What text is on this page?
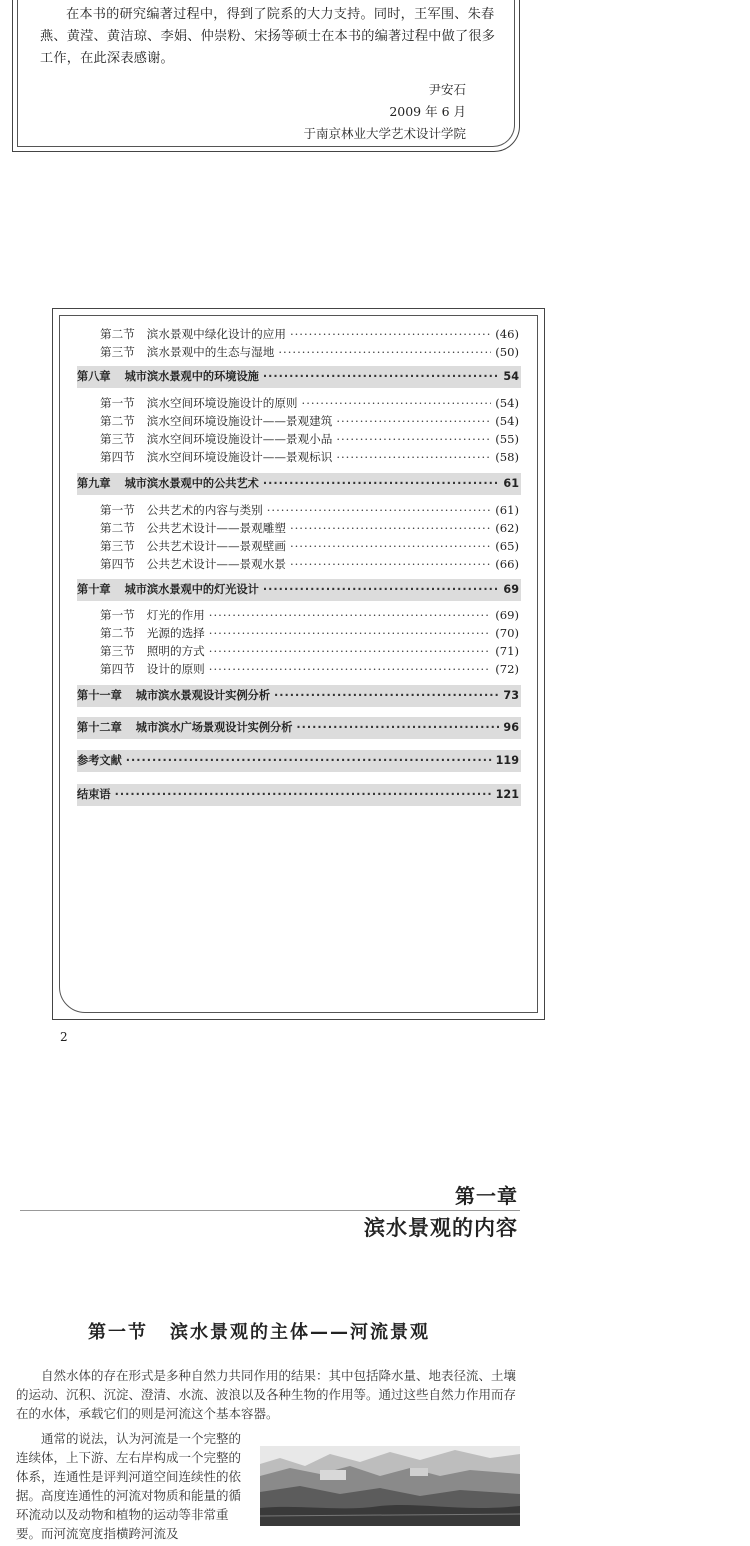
在本书的研究编著过程中，得到了院系的大力支持。同时，王军围、朱春燕、黄滢、黄洁琼、李娟、仲崇粉、宋扬等硕士在本书的编著过程中做了很多工作，在此深表感谢。
尹安石
2009 年 6 月
于南京林业大学艺术设计学院
第二节 滨水景观中绿化设计的应用 ·····	(46)
第三节 滨水景观中的生态与湿地 ·····	(50)
第八章 城市滨水景观中的环境设施 ·····	54
第一节 滨水空间环境设施设计的原则 ·····	(54)
第二节 滨水空间环境设施设计——景观建筑 ·····	(54)
第三节 滨水空间环境设施设计——景观小品 ·····	(55)
第四节 滨水空间环境设施设计——景观标识 ·····	(58)
第九章 城市滨水景观中的公共艺术 ·····	61
第一节 公共艺术的内容与类别 ·····	(61)
第二节 公共艺术设计——景观雕塑 ·····	(62)
第三节 公共艺术设计——景观壁画 ·····	(65)
第四节 公共艺术设计——景观水景 ·····	(66)
第十章 城市滨水景观中的灯光设计 ·····	69
第一节 灯光的作用 ·····	(69)
第二节 光源的选择 ·····	(70)
第三节 照明的方式 ·····	(71)
第四节 设计的原则 ·····	(72)
第十一章 城市滨水景观设计实例分析 ·····	73
第十二章 城市滨水广场景观设计实例分析 ·····	96
参考文献 ·····	119
结束语 ·····	121
2
第一章
滨水景观的内容
第一节 滨水景观的主体——河流景观
自然水体的存在形式是多种自然力共同作用的结果：其中包括降水量、地表径流、土壤的运动、沉积、沉淀、澄清、水流、波浪以及各种生物的作用等。通过这些自然力作用而存在的水体，承载它们的则是河流这个基本容器。
通常的说法，认为河流是一个完整的连续体，上下游、左右岸构成一个完整的体系，连通性是评判河道空间连续性的依据。高度连通性的河流对物质和能量的循环流动以及动物和植物的运动等非常重要。而河流宽度指横跨河流及
